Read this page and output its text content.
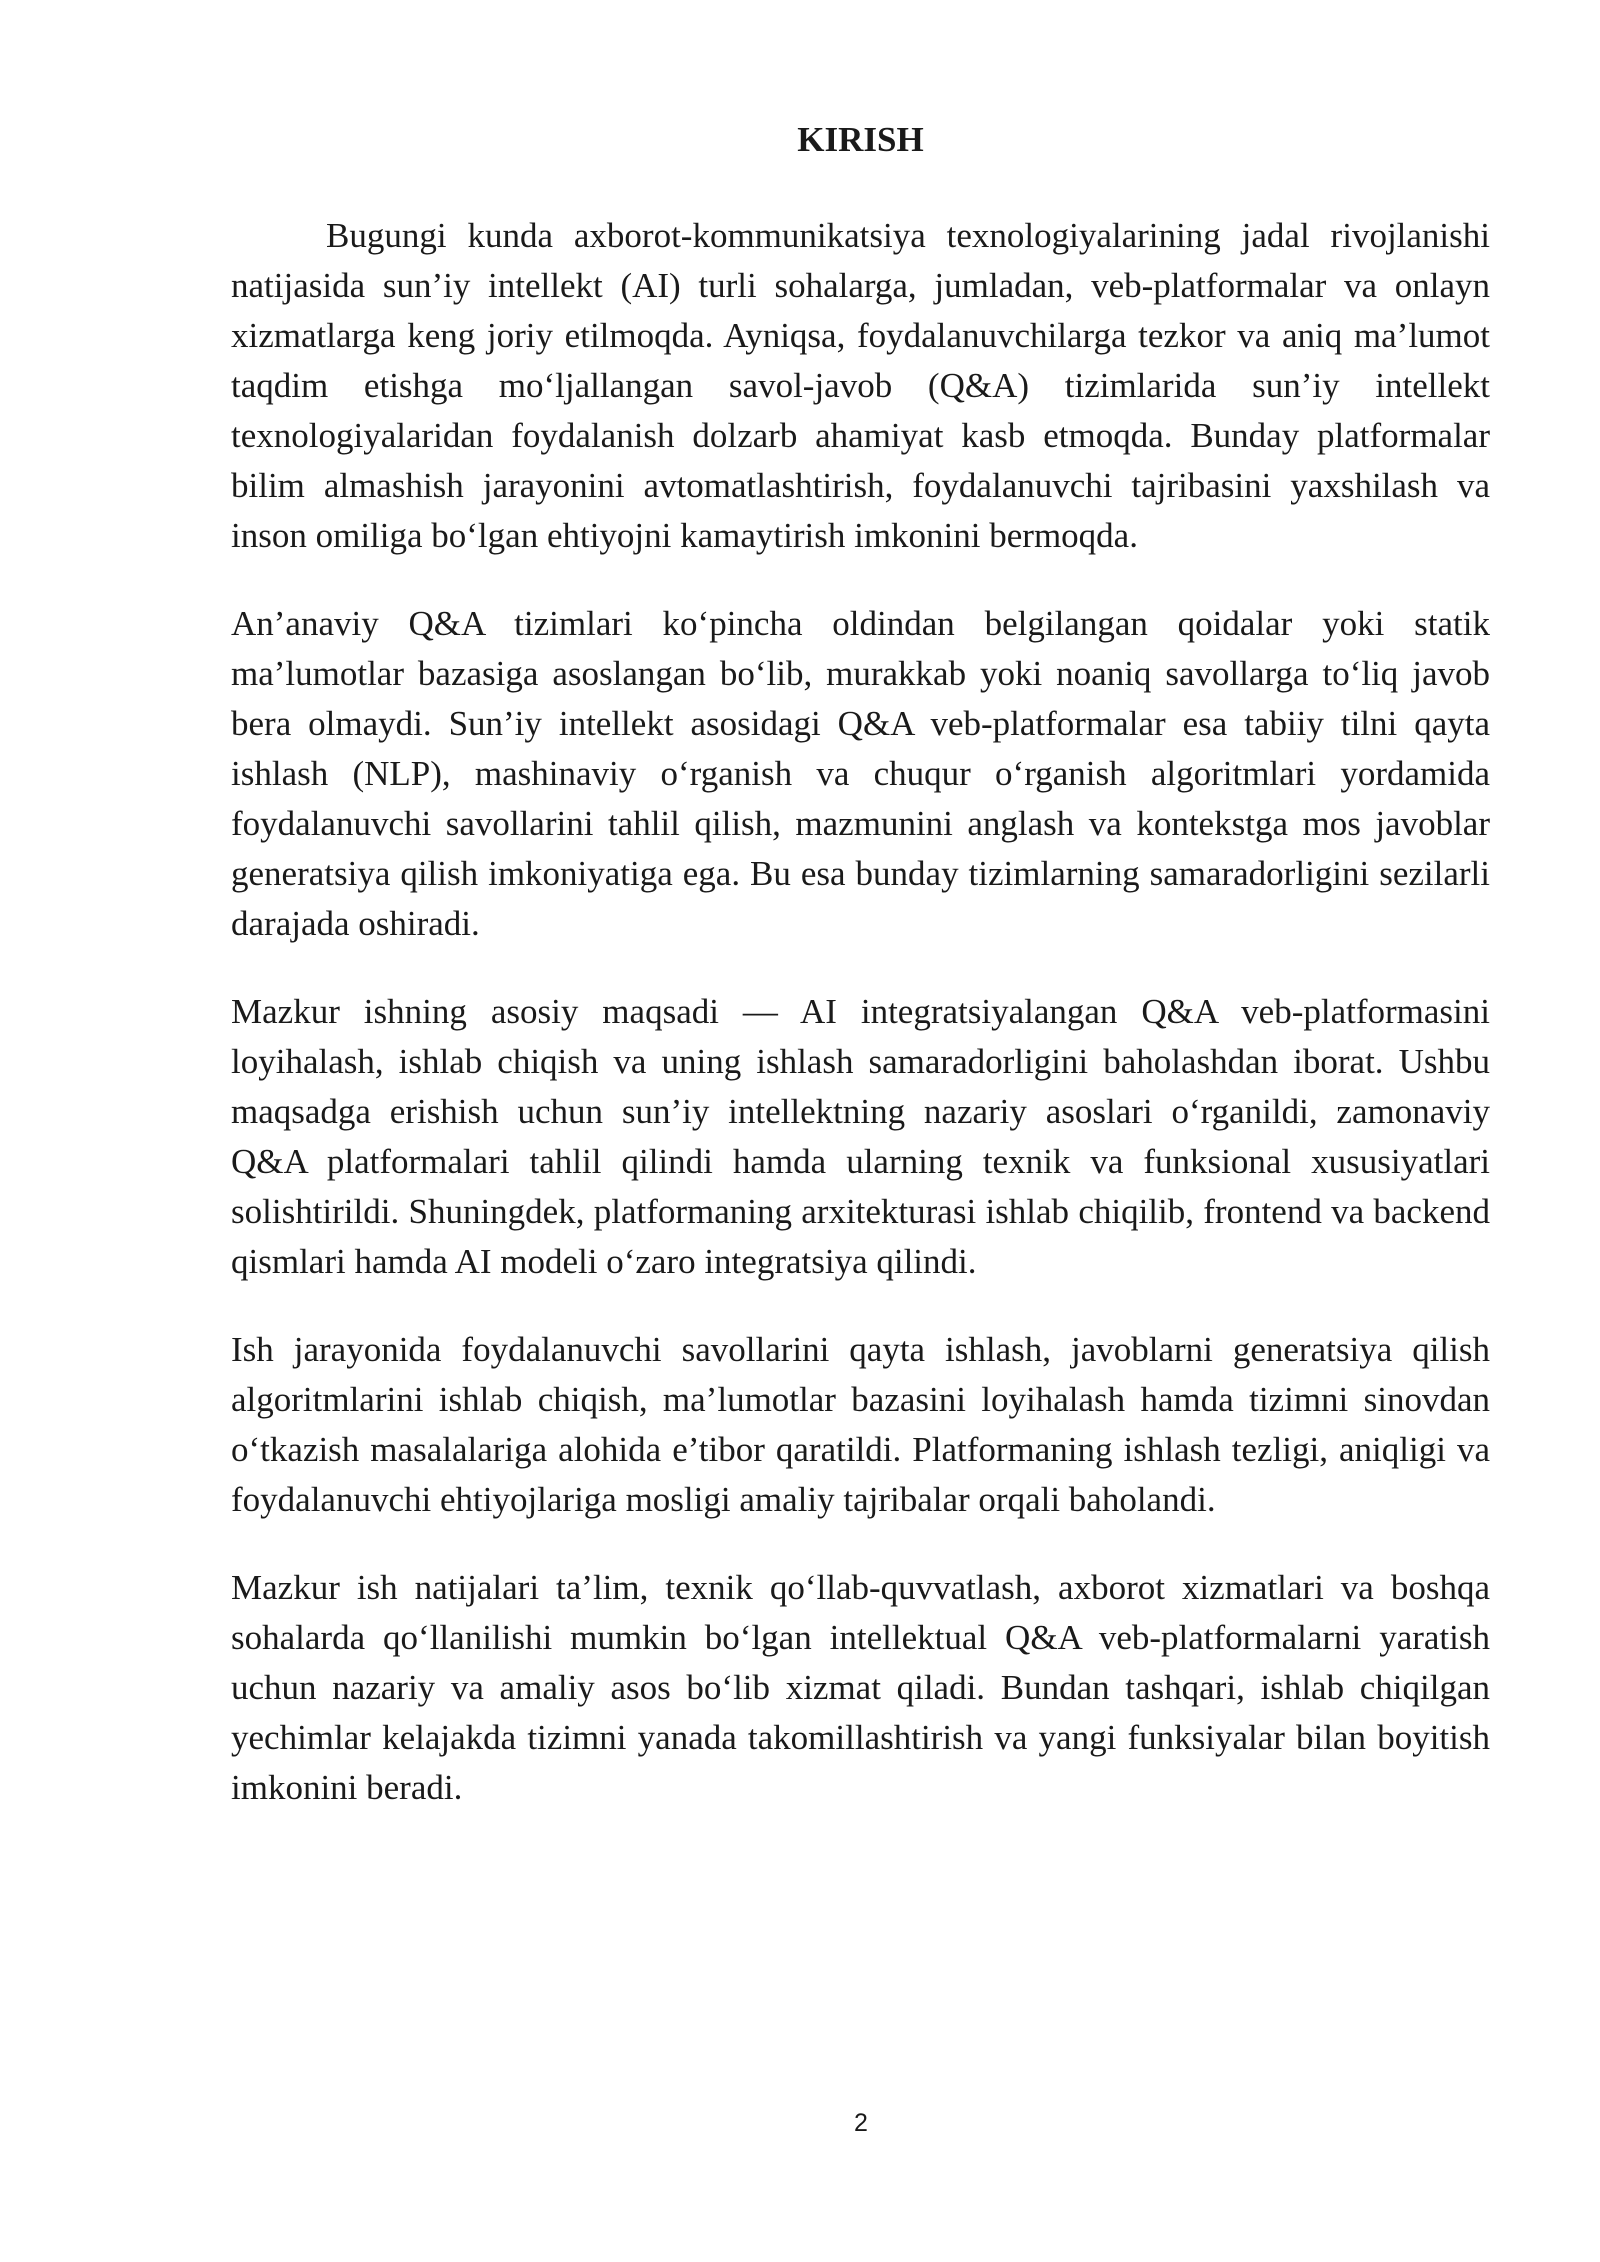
KIRISH

Bugungi kunda axborot-kommunikatsiya texnologiyalarining jadal rivojlanishi natijasida sun’iy intellekt (AI) turli sohalarga, jumladan, veb-platformalar va onlayn xizmatlarga keng joriy etilmoqda. Ayniqsa, foydalanuvchilarga tezkor va aniq ma’lumot taqdim etishga mo‘ljallangan savol-javob (Q&A) tizimlarida sun’iy intellekt texnologiyalaridan foydalanish dolzarb ahamiyat kasb etmoqda. Bunday platformalar bilim almashish jarayonini avtomatlashtirish, foydalanuvchi tajribasini yaxshilash va inson omiliga bo‘lgan ehtiyojni kamaytirish imkonini bermoqda.

An’anaviy Q&A tizimlari ko‘pincha oldindan belgilangan qoidalar yoki statik ma’lumotlar bazasiga asoslangan bo‘lib, murakkab yoki noaniq savollarga to‘liq javob bera olmaydi. Sun’iy intellekt asosidagi Q&A veb-platformalar esa tabiiy tilni qayta ishlash (NLP), mashinaviy o‘rganish va chuqur o‘rganish algoritmlari yordamida foydalanuvchi savollarini tahlil qilish, mazmunini anglash va kontekstga mos javoblar generatsiya qilish imkoniyatiga ega. Bu esa bunday tizimlarning samaradorligini sezilarli darajada oshiradi.

Mazkur ishning asosiy maqsadi — AI integratsiyalangan Q&A veb-platformasini loyihalash, ishlab chiqish va uning ishlash samaradorligini baholashdan iborat. Ushbu maqsadga erishish uchun sun’iy intellektning nazariy asoslari o‘rganildi, zamonaviy Q&A platformalari tahlil qilindi hamda ularning texnik va funksional xususiyatlari solishtirildi. Shuningdek, platformaning arxitekturasi ishlab chiqilib, frontend va backend qismlari hamda AI modeli o‘zaro integratsiya qilindi.

Ish jarayonida foydalanuvchi savollarini qayta ishlash, javoblarni generatsiya qilish algoritmlarini ishlab chiqish, ma’lumotlar bazasini loyihalash hamda tizimni sinovdan o‘tkazish masalalariga alohida e’tibor qaratildi. Platformaning ishlash tezligi, aniqligi va foydalanuvchi ehtiyojlariga mosligi amaliy tajribalar orqali baholandi.

Mazkur ish natijalari ta’lim, texnik qo‘llab-quvvatlash, axborot xizmatlari va boshqa sohalarda qo‘llanilishi mumkin bo‘lgan intellektual Q&A veb-platformalarni yaratish uchun nazariy va amaliy asos bo‘lib xizmat qiladi. Bundan tashqari, ishlab chiqilgan yechimlar kelajakda tizimni yanada takomillashtirish va yangi funksiyalar bilan boyitish imkonini beradi.

2
